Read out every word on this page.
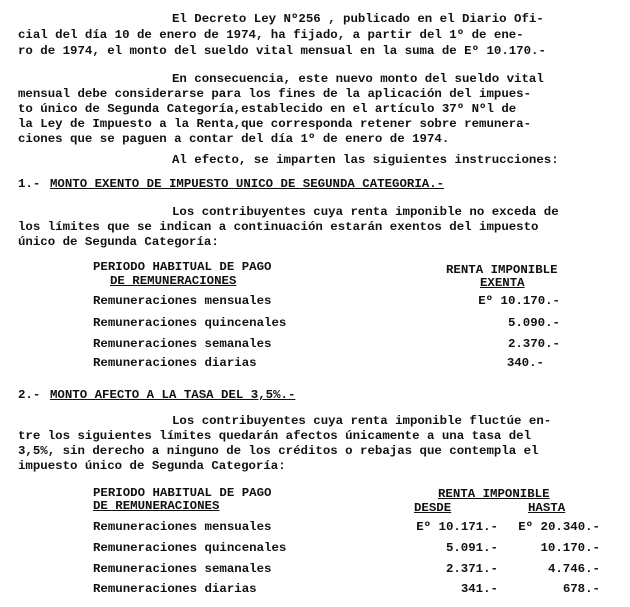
El Decreto Ley Nº256 , publicado en el Diario Ofi-
cial del día 10 de enero de 1974, ha fijado, a partir del 1º de ene-
ro de 1974, el monto del sueldo vital mensual en la suma de Eº 10.170.-
En consecuencia, este nuevo monto del sueldo vital
mensual debe considerarse para los fines de la aplicación del impues-
to único de Segunda Categoría,establecido en el artículo 37º Nºl de
la Ley de Impuesto a la Renta,que corresponda retener sobre remunera-
ciones que se paguen a contar del día 1º de enero de 1974.
Al efecto, se imparten las siguientes instrucciones:
1.- MONTO EXENTO DE IMPUESTO UNICO DE SEGUNDA CATEGORIA.-
Los contribuyentes cuya renta imponible no exceda de
los límites que se indican a continuación estarán exentos del impuesto
único de Segunda Categoría:
PERIODO HABITUAL DE PAGO
DE REMUNERACIONES
RENTA IMPONIBLE
EXENTA
Remuneraciones mensuales	Eº 10.170.-
Remuneraciones quincenales	5.090.-
Remuneraciones semanales	2.370.-
Remuneraciones diarias	340.-
2.- MONTO AFECTO A LA TASA DEL 3,5%.-
Los contribuyentes cuya renta imponible fluctúe en-
tre los siguientes límites quedarán afectos únicamente a una tasa del
3,5%, sin derecho a ninguno de los créditos o rebajas que contempla el
impuesto único de Segunda Categoría:
PERIODO HABITUAL DE PAGO
DE REMUNERACIONES
RENTA IMPONIBLE
DESDE	HASTA
Remuneraciones mensuales	Eº 10.171.-	Eº 20.340.-
Remuneraciones quincenales	5.091.-	10.170.-
Remuneraciones semanales	2.371.-	4.746.-
Remuneraciones diarias	341.-	678.-
